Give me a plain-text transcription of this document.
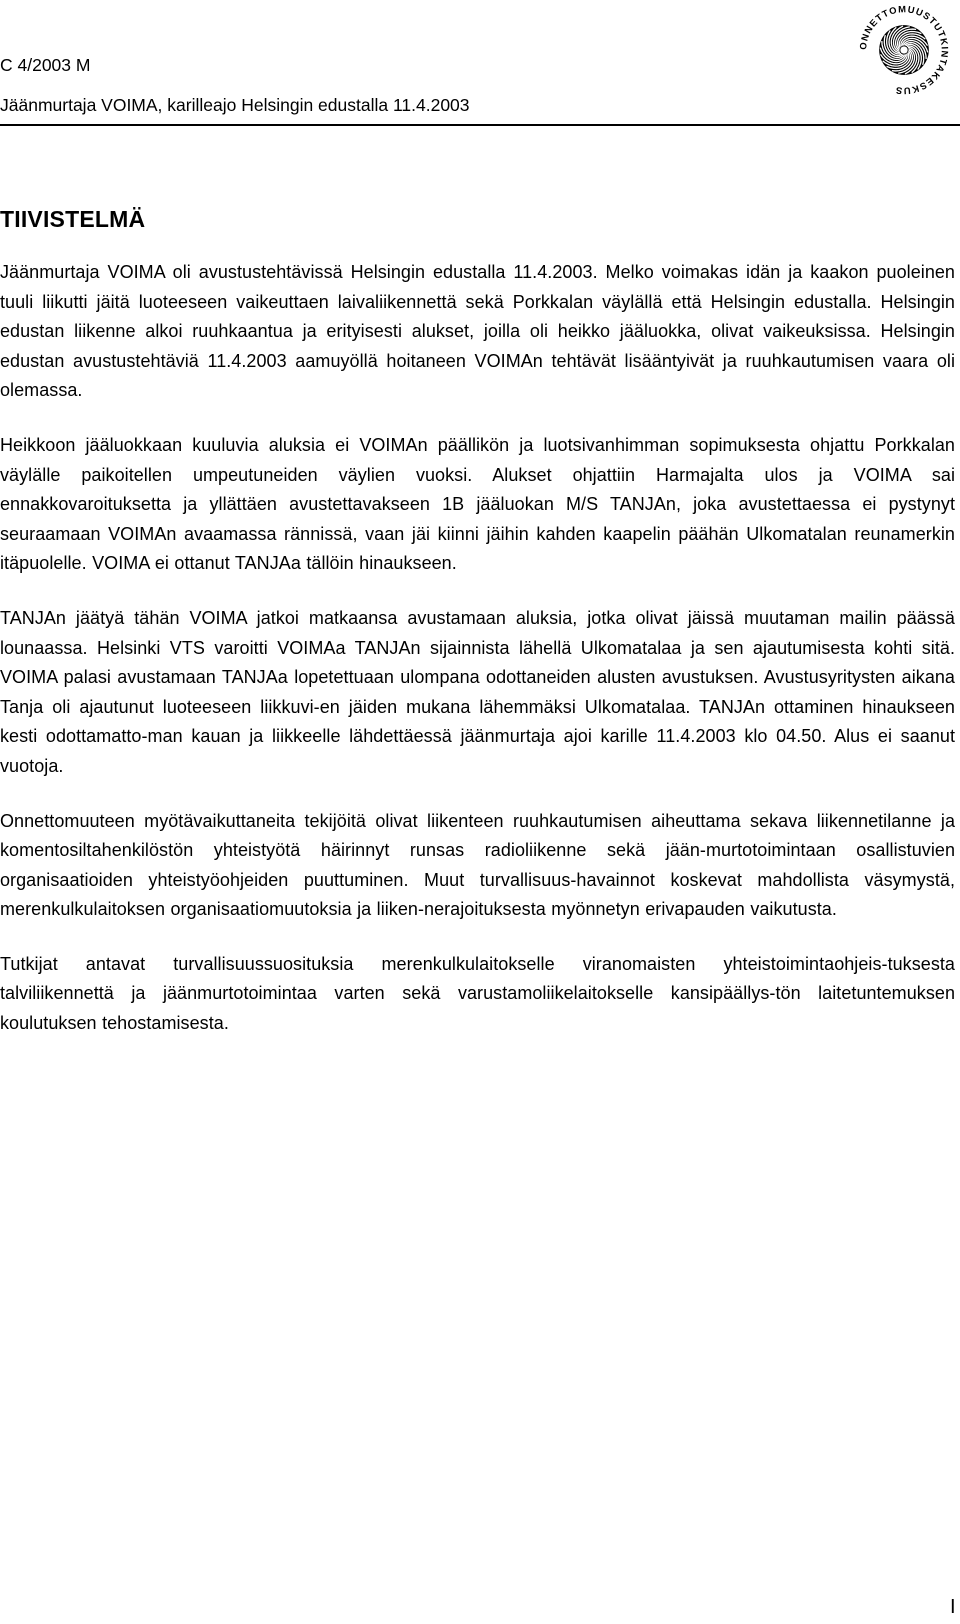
C 4/2003 M
Jäänmurtaja VOIMA, karilleajo Helsingin edustalla 11.4.2003
ONNETTOMUUSTUTKINTAKESKUS
TIIVISTELMÄ

Jäänmurtaja VOIMA oli avustustehtävissä Helsingin edustalla 11.4.2003. Melko voimakas idän ja kaakon puoleinen tuuli liikutti jäitä luoteeseen vaikeuttaen laivaliikennettä sekä Porkkalan väylällä että Helsingin edustalla. Helsingin edustan liikenne alkoi ruuhkaantua ja erityisesti alukset, joilla oli heikko jääluokka, olivat vaikeuksissa. Helsingin edustan avustustehtäviä 11.4.2003 aamuyöllä hoitaneen VOIMAn tehtävät lisääntyivät ja ruuhkautumisen vaara oli olemassa.

Heikkoon jääluokkaan kuuluvia aluksia ei VOIMAn päällikön ja luotsivanhimman sopimuksesta ohjattu Porkkalan väylälle paikoitellen umpeutuneiden väylien vuoksi. Alukset ohjattiin Harmajalta ulos ja VOIMA sai ennakkovaroituksetta ja yllättäen avustettavakseen 1B jääluokan M/S TANJAn, joka avustettaessa ei pystynyt seuraamaan VOIMAn avaamassa rännissä, vaan jäi kiinni jäihin kahden kaapelin päähän Ulkomatalan reunamerkin itäpuolelle. VOIMA ei ottanut TANJAa tällöin hinaukseen.

TANJAn jäätyä tähän VOIMA jatkoi matkaansa avustamaan aluksia, jotka olivat jäissä muutaman mailin päässä lounaassa. Helsinki VTS varoitti VOIMAa TANJAn sijainnista lähellä Ulkomatalaa ja sen ajautumisesta kohti sitä. VOIMA palasi avustamaan TANJAa lopetettuaan ulompana odottaneiden alusten avustuksen. Avustusyritysten aikana Tanja oli ajautunut luoteeseen liikkuvi-en jäiden mukana lähemmäksi Ulkomatalaa. TANJAn ottaminen hinaukseen kesti odottamatto-man kauan ja liikkeelle lähdettäessä jäänmurtaja ajoi karille 11.4.2003 klo 04.50. Alus ei saanut vuotoja.

Onnettomuuteen myötävaikuttaneita tekijöitä olivat liikenteen ruuhkautumisen aiheuttama sekava liikennetilanne ja komentosiltahenkilöstön yhteistyötä häirinnyt runsas radioliikenne sekä jään-murtotoimintaan osallistuvien organisaatioiden yhteistyöohjeiden puuttuminen. Muut turvallisuus-havainnot koskevat mahdollista väsymystä, merenkulkulaitoksen organisaatiomuutoksia ja liiken-nerajoituksesta myönnetyn erivapauden vaikutusta.

Tutkijat antavat turvallisuussuosituksia merenkulkulaitokselle viranomaisten yhteistoimintaohjeis-tuksesta talviliikennettä ja jäänmurtotoimintaa varten sekä varustamoliikelaitokselle kansipäällys-tön laitetuntemuksen koulutuksen tehostamisesta.

I
